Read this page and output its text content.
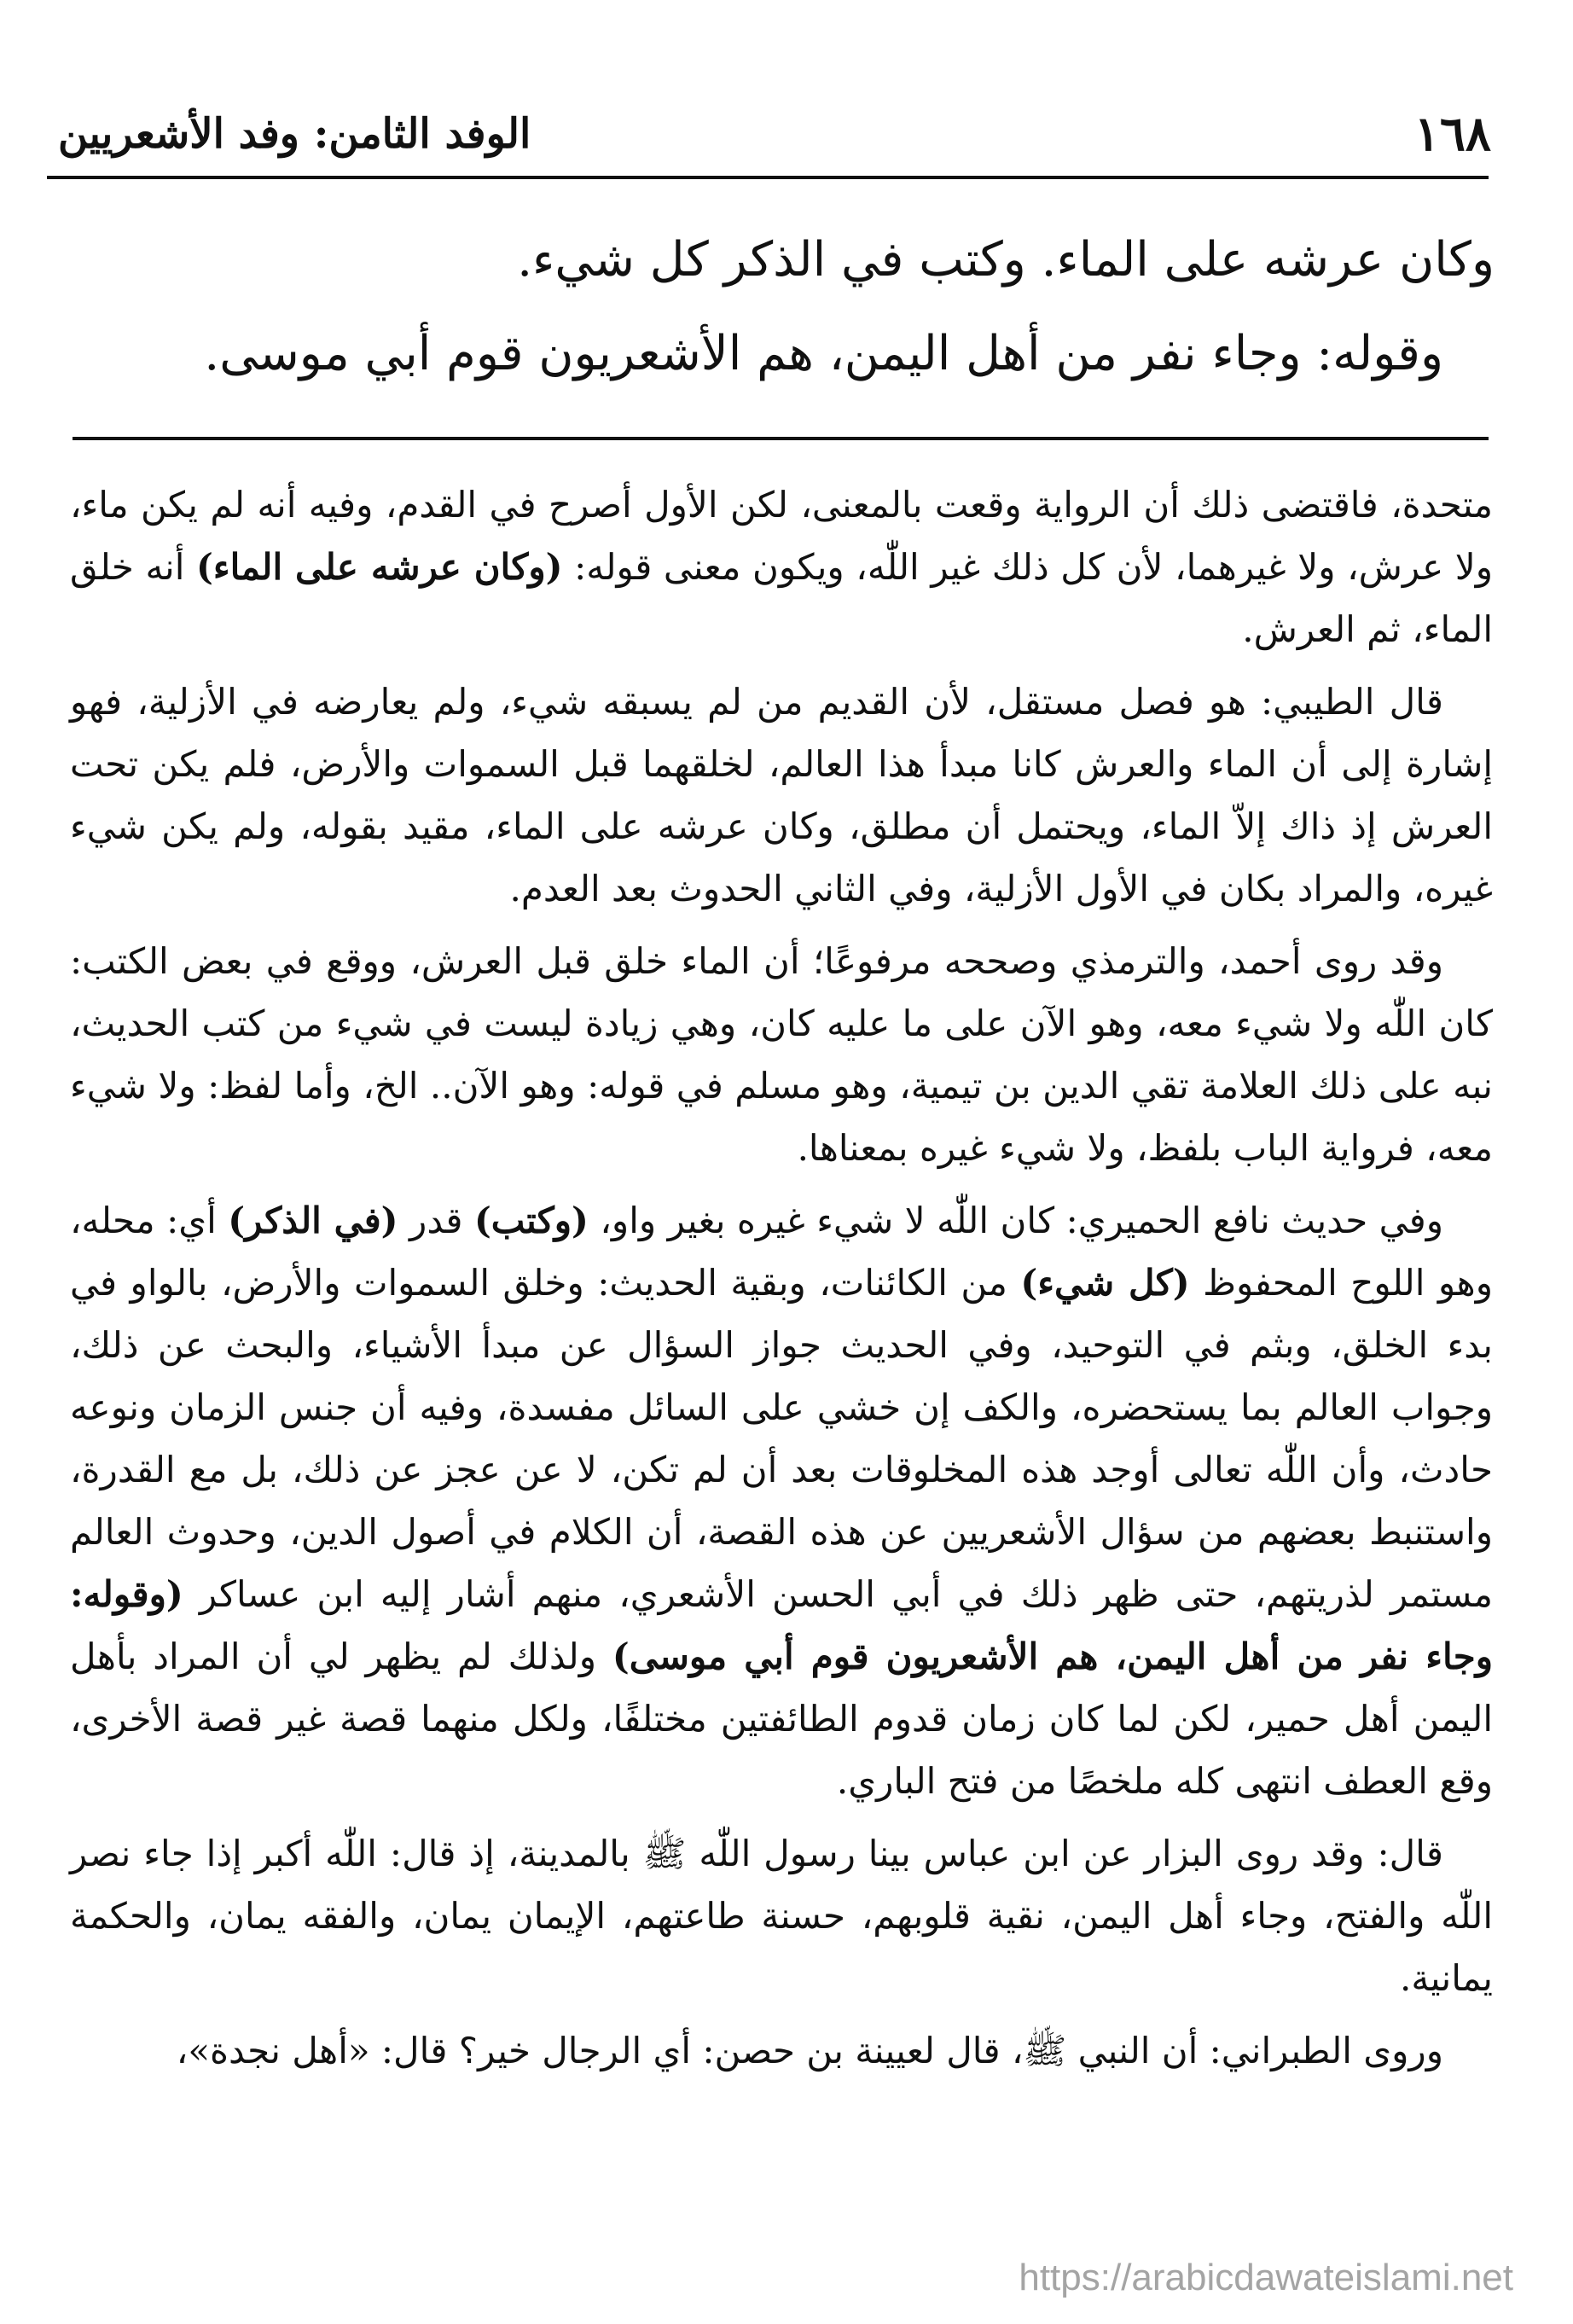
١٦٨
الوفد الثامن: وفد الأشعريين

وكان عرشه على الماء. وكتب في الذكر كل شيء.

وقوله: وجاء نفر من أهل اليمن، هم الأشعريون قوم أبي موسى.

متحدة، فاقتضى ذلك أن الرواية وقعت بالمعنى، لكن الأول أصرح في القدم، وفيه أنه لم يكن ماء، ولا عرش، ولا غيرهما، لأن كل ذلك غير اللّٰه، ويكون معنى قوله: (وكان عرشه على الماء) أنه خلق الماء، ثم العرش.

قال الطيبي: هو فصل مستقل، لأن القديم من لم يسبقه شيء، ولم يعارضه في الأزلية، فهو إشارة إلى أن الماء والعرش كانا مبدأ هذا العالم، لخلقهما قبل السموات والأرض، فلم يكن تحت العرش إذ ذاك إلاّ الماء، ويحتمل أن مطلق، وكان عرشه على الماء، مقيد بقوله، ولم يكن شيء غيره، والمراد بكان في الأول الأزلية، وفي الثاني الحدوث بعد العدم.

وقد روى أحمد، والترمذي وصححه مرفوعًا؛ أن الماء خلق قبل العرش، ووقع في بعض الكتب: كان اللّٰه ولا شيء معه، وهو الآن على ما عليه كان، وهي زيادة ليست في شيء من كتب الحديث، نبه على ذلك العلامة تقي الدين بن تيمية، وهو مسلم في قوله: وهو الآن.. الخ، وأما لفظ: ولا شيء معه، فرواية الباب بلفظ، ولا شيء غيره بمعناها.

وفي حديث نافع الحميري: كان اللّٰه لا شيء غيره بغير واو، (وكتب) قدر (في الذكر) أي: محله، وهو اللوح المحفوظ (كل شيء) من الكائنات، وبقية الحديث: وخلق السموات والأرض، بالواو في بدء الخلق، وبثم في التوحيد، وفي الحديث جواز السؤال عن مبدأ الأشياء، والبحث عن ذلك، وجواب العالم بما يستحضره، والكف إن خشي على السائل مفسدة، وفيه أن جنس الزمان ونوعه حادث، وأن اللّٰه تعالى أوجد هذه المخلوقات بعد أن لم تكن، لا عن عجز عن ذلك، بل مع القدرة، واستنبط بعضهم من سؤال الأشعريين عن هذه القصة، أن الكلام في أصول الدين، وحدوث العالم مستمر لذريتهم، حتى ظهر ذلك في أبي الحسن الأشعري، منهم أشار إليه ابن عساكر (وقوله: وجاء نفر من أهل اليمن، هم الأشعريون قوم أبي موسى) ولذلك لم يظهر لي أن المراد بأهل اليمن أهل حمير، لكن لما كان زمان قدوم الطائفتين مختلفًا، ولكل منهما قصة غير قصة الأخرى، وقع العطف انتهى كله ملخصًا من فتح الباري.

قال: وقد روى البزار عن ابن عباس بينا رسول اللّٰه ﷺ بالمدينة، إذ قال: اللّٰه أكبر إذا جاء نصر اللّٰه والفتح، وجاء أهل اليمن، نقية قلوبهم، حسنة طاعتهم، الإيمان يمان، والفقه يمان، والحكمة يمانية.

وروى الطبراني: أن النبي ﷺ، قال لعيينة بن حصن: أي الرجال خير؟ قال: «أهل نجدة»،

https://arabicdawateislami.net
